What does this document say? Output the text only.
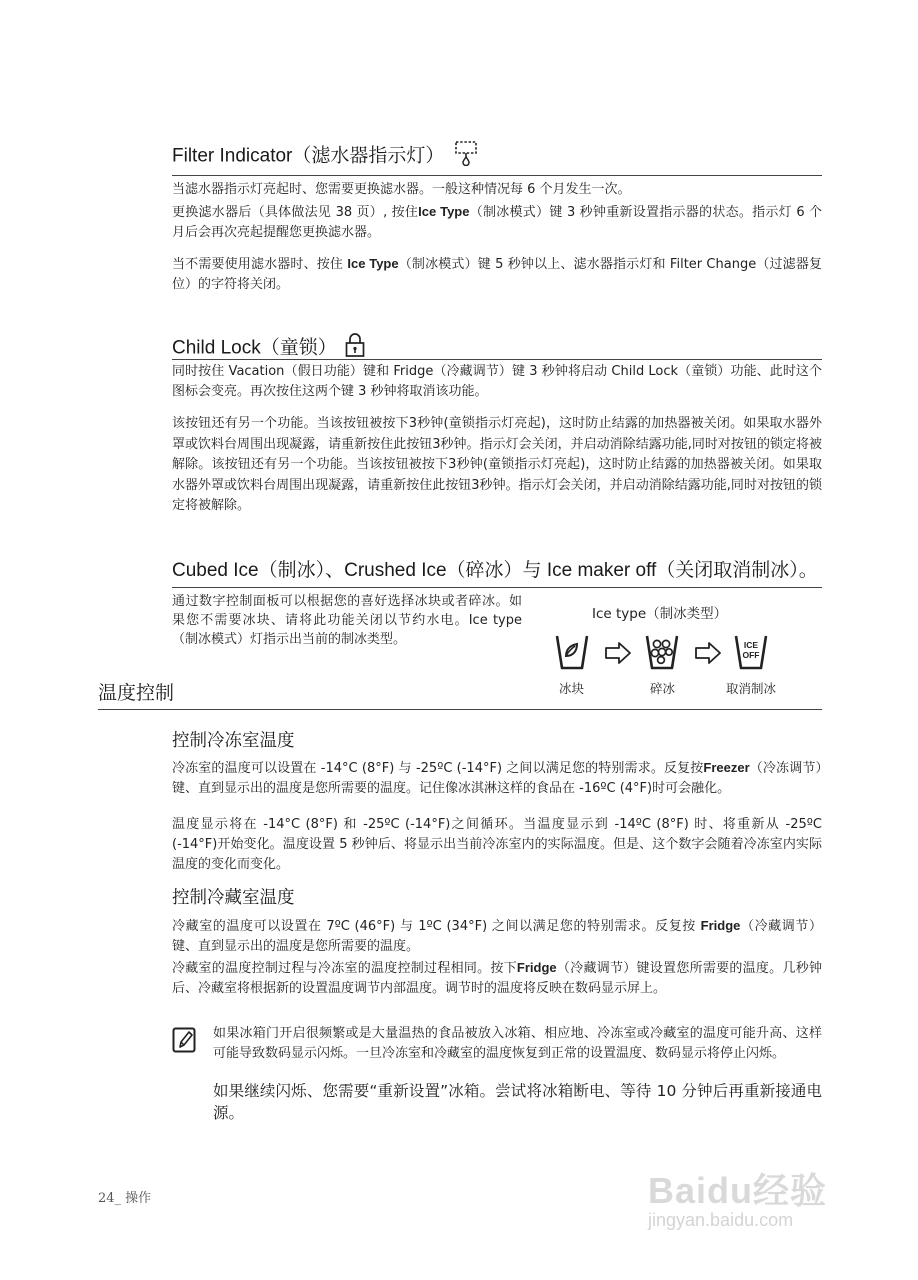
Filter Indicator（滤水器指示灯）
当滤水器指示灯亮起时、您需要更换滤水器。一般这种情况每 6 个月发生一次。
更换滤水器后（具体做法见 38 页）, 按住Ice Type（制冰模式）键 3 秒钟重新设置指示器的状态。指示灯 6 个月后会再次亮起提醒您更换滤水器。
当不需要使用滤水器时、按住 Ice Type（制冰模式）键 5 秒钟以上、滤水器指示灯和 Filter Change（过滤器复位）的字符将关闭。
Child Lock（童锁）
同时按住 Vacation（假日功能）键和 Fridge（冷藏调节）键 3 秒钟将启动 Child Lock（童锁）功能、此时这个图标会变亮。再次按住这两个键 3 秒钟将取消该功能。
该按钮还有另一个功能。当该按钮被按下3秒钟(童锁指示灯亮起)，这时防止结露的加热器被关闭。如果取水器外罩或饮料台周围出现凝露，请重新按住此按钮3秒钟。指示灯会关闭，并启动消除结露功能,同时对按钮的锁定将被解除。该按钮还有另一个功能。当该按钮被按下3秒钟(童锁指示灯亮起)，这时防止结露的加热器被关闭。如果取水器外罩或饮料台周围出现凝露，请重新按住此按钮3秒钟。指示灯会关闭，并启动消除结露功能,同时对按钮的锁定将被解除。
Cubed Ice（制冰）、Crushed Ice（碎冰）与 Ice maker off（关闭取消制冰）。
通过数字控制面板可以根据您的喜好选择冰块或者碎冰。如果您不需要冰块、请将此功能关闭以节约水电。Ice type（制冰模式）灯指示出当前的制冰类型。
Ice type（制冰类型）
ICE
OFF
冰块	碎冰	取消制冰
温度控制
控制冷冻室温度
冷冻室的温度可以设置在 -14°C (8°F) 与 -25ºC (-14°F) 之间以满足您的特别需求。反复按Freezer（冷冻调节）键、直到显示出的温度是您所需要的温度。记住像冰淇淋这样的食品在 -16ºC (4°F)时可会融化。
温度显示将在 -14°C (8°F) 和 -25ºC (-14°F)之间循环。当温度显示到 -14ºC (8°F) 时、将重新从 -25ºC (-14°F)开始变化。温度设置 5 秒钟后、将显示出当前冷冻室内的实际温度。但是、这个数字会随着冷冻室内实际温度的变化而变化。
控制冷藏室温度
冷藏室的温度可以设置在 7ºC (46°F) 与 1ºC (34°F) 之间以满足您的特别需求。反复按 Fridge（冷藏调节）键、直到显示出的温度是您所需要的温度。
冷藏室的温度控制过程与冷冻室的温度控制过程相同。按下Fridge（冷藏调节）键设置您所需要的温度。几秒钟后、冷藏室将根据新的设置温度调节内部温度。调节时的温度将反映在数码显示屏上。
如果冰箱门开启很频繁或是大量温热的食品被放入冰箱、相应地、冷冻室或冷藏室的温度可能升高、这样可能导致数码显示闪烁。一旦冷冻室和冷藏室的温度恢复到正常的设置温度、数码显示将停止闪烁。
如果继续闪烁、您需要“重新设置”冰箱。尝试将冰箱断电、等待 10 分钟后再重新接通电源。
24_ 操作	Baidu经验
jingyan.baidu.com
